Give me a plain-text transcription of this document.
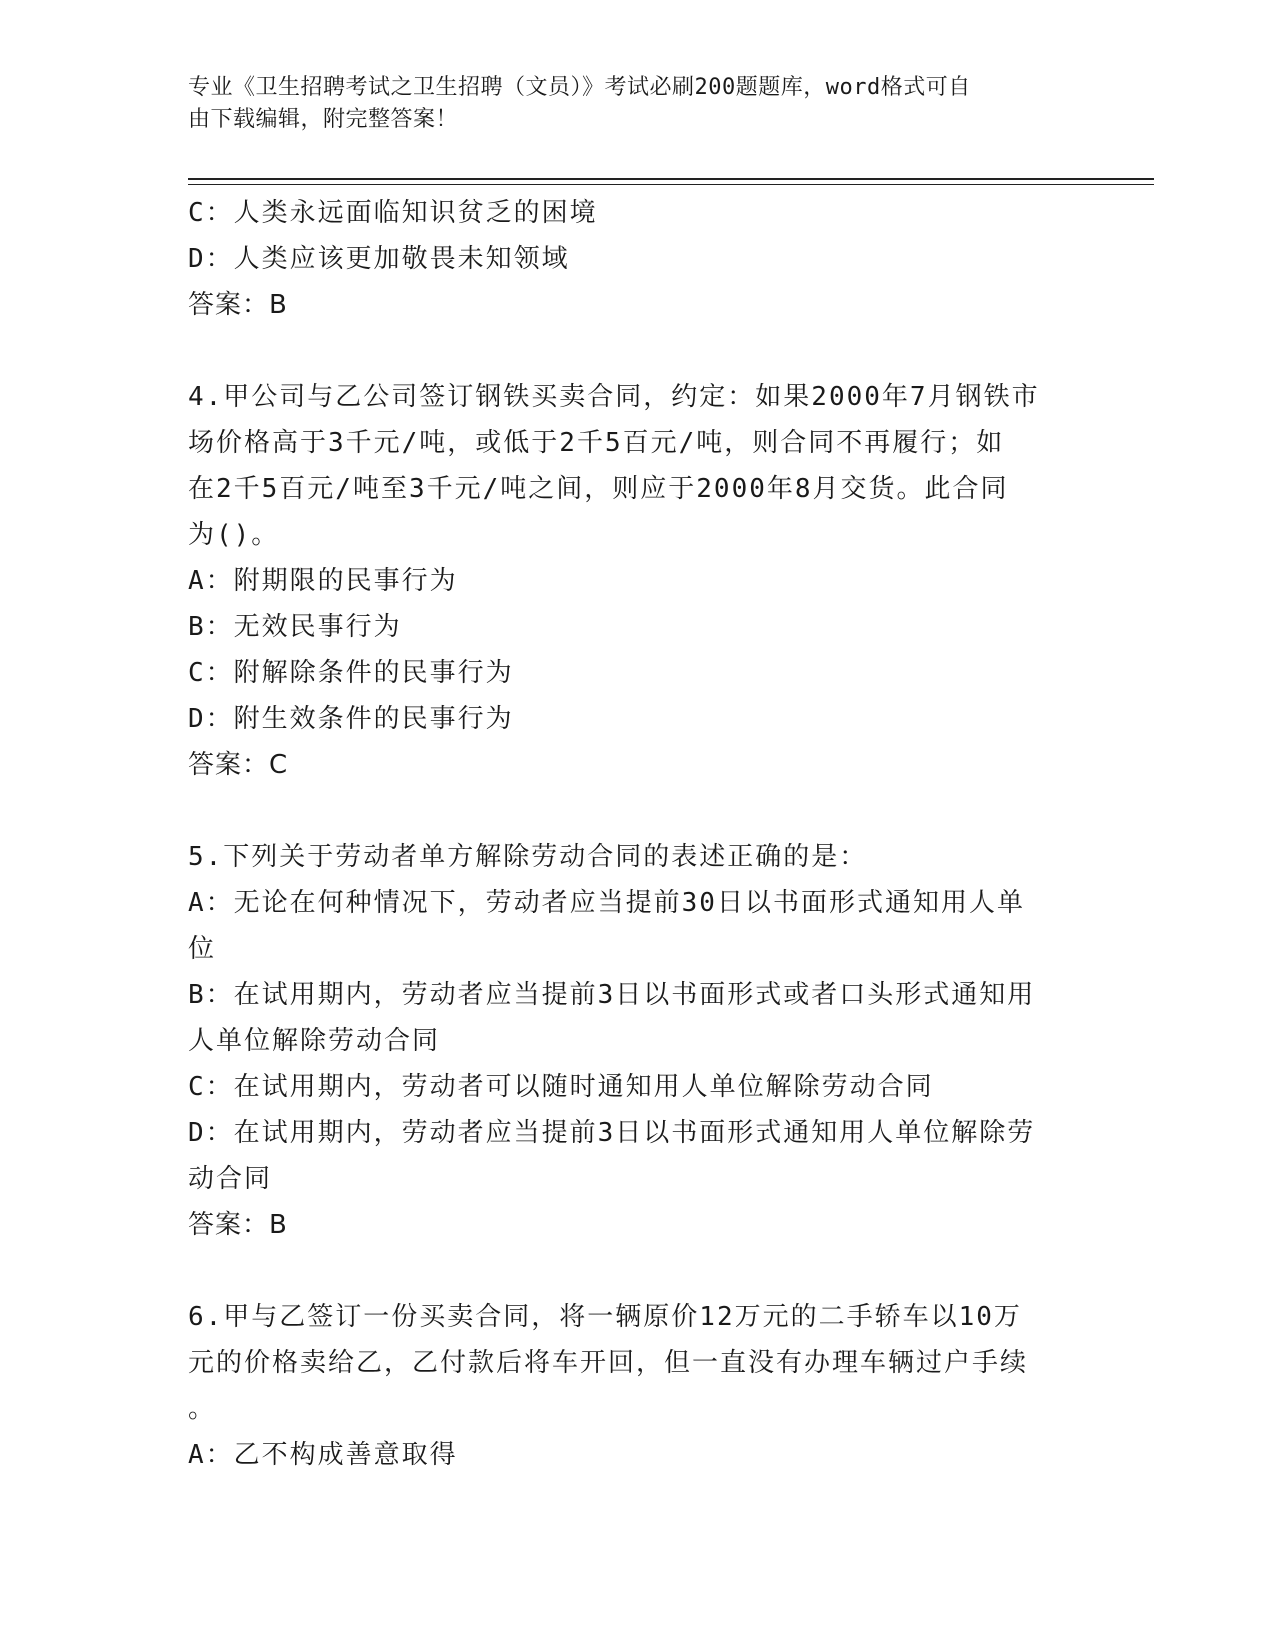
专业《卫生招聘考试之卫生招聘（文员）》考试必刷200题题库，word格式可自
由下载编辑，附完整答案！
C：人类永远面临知识贫乏的困境
D：人类应该更加敬畏未知领域
答案：B
4.甲公司与乙公司签订钢铁买卖合同，约定：如果2000年7月钢铁市
场价格高于3千元/吨，或低于2千5百元/吨，则合同不再履行；如
在2千5百元/吨至3千元/吨之间，则应于2000年8月交货。此合同
为()。
A：附期限的民事行为
B：无效民事行为
C：附解除条件的民事行为
D：附生效条件的民事行为
答案：C
5.下列关于劳动者单方解除劳动合同的表述正确的是：
A：无论在何种情况下，劳动者应当提前30日以书面形式通知用人单
位
B：在试用期内，劳动者应当提前3日以书面形式或者口头形式通知用
人单位解除劳动合同
C：在试用期内，劳动者可以随时通知用人单位解除劳动合同
D：在试用期内，劳动者应当提前3日以书面形式通知用人单位解除劳
动合同
答案：B
6.甲与乙签订一份买卖合同，将一辆原价12万元的二手轿车以10万
元的价格卖给乙，乙付款后将车开回，但一直没有办理车辆过户手续
。
A：乙不构成善意取得
